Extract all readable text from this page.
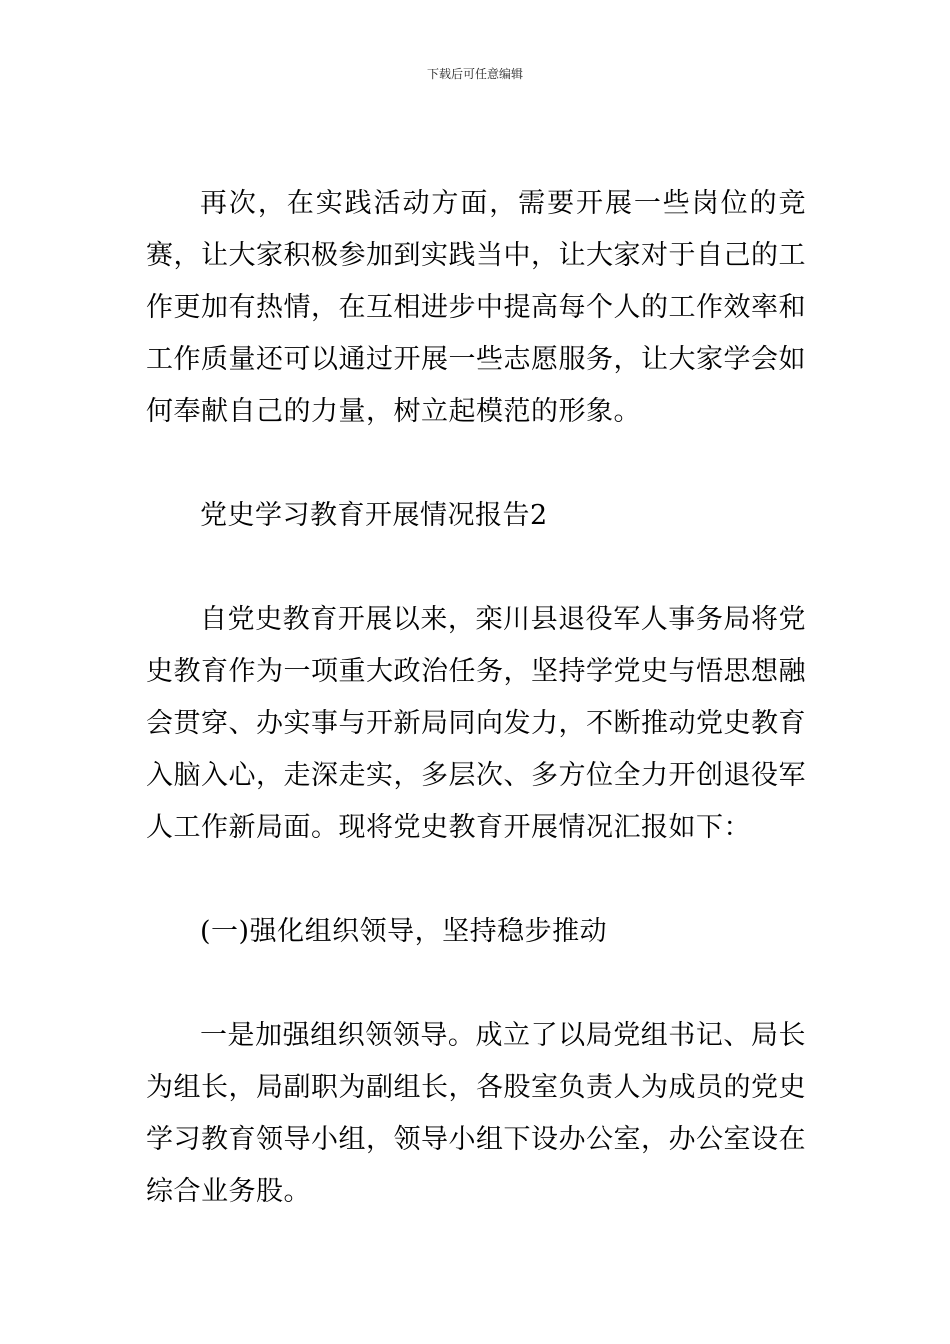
下载后可任意编辑

再次，在实践活动方面，需要开展一些岗位的竞赛，让大家积极参加到实践当中，让大家对于自己的工作更加有热情，在互相进步中提高每个人的工作效率和工作质量还可以通过开展一些志愿服务，让大家学会如何奉献自己的力量，树立起模范的形象。

党史学习教育开展情况报告2

自党史教育开展以来，栾川县退役军人事务局将党史教育作为一项重大政治任务，坚持学党史与悟思想融会贯穿、办实事与开新局同向发力，不断推动党史教育入脑入心，走深走实，多层次、多方位全力开创退役军人工作新局面。现将党史教育开展情况汇报如下：

(一)强化组织领导，坚持稳步推动

一是加强组织领领导。成立了以局党组书记、局长为组长，局副职为副组长，各股室负责人为成员的党史学习教育领导小组，领导小组下设办公室，办公室设在综合业务股。
